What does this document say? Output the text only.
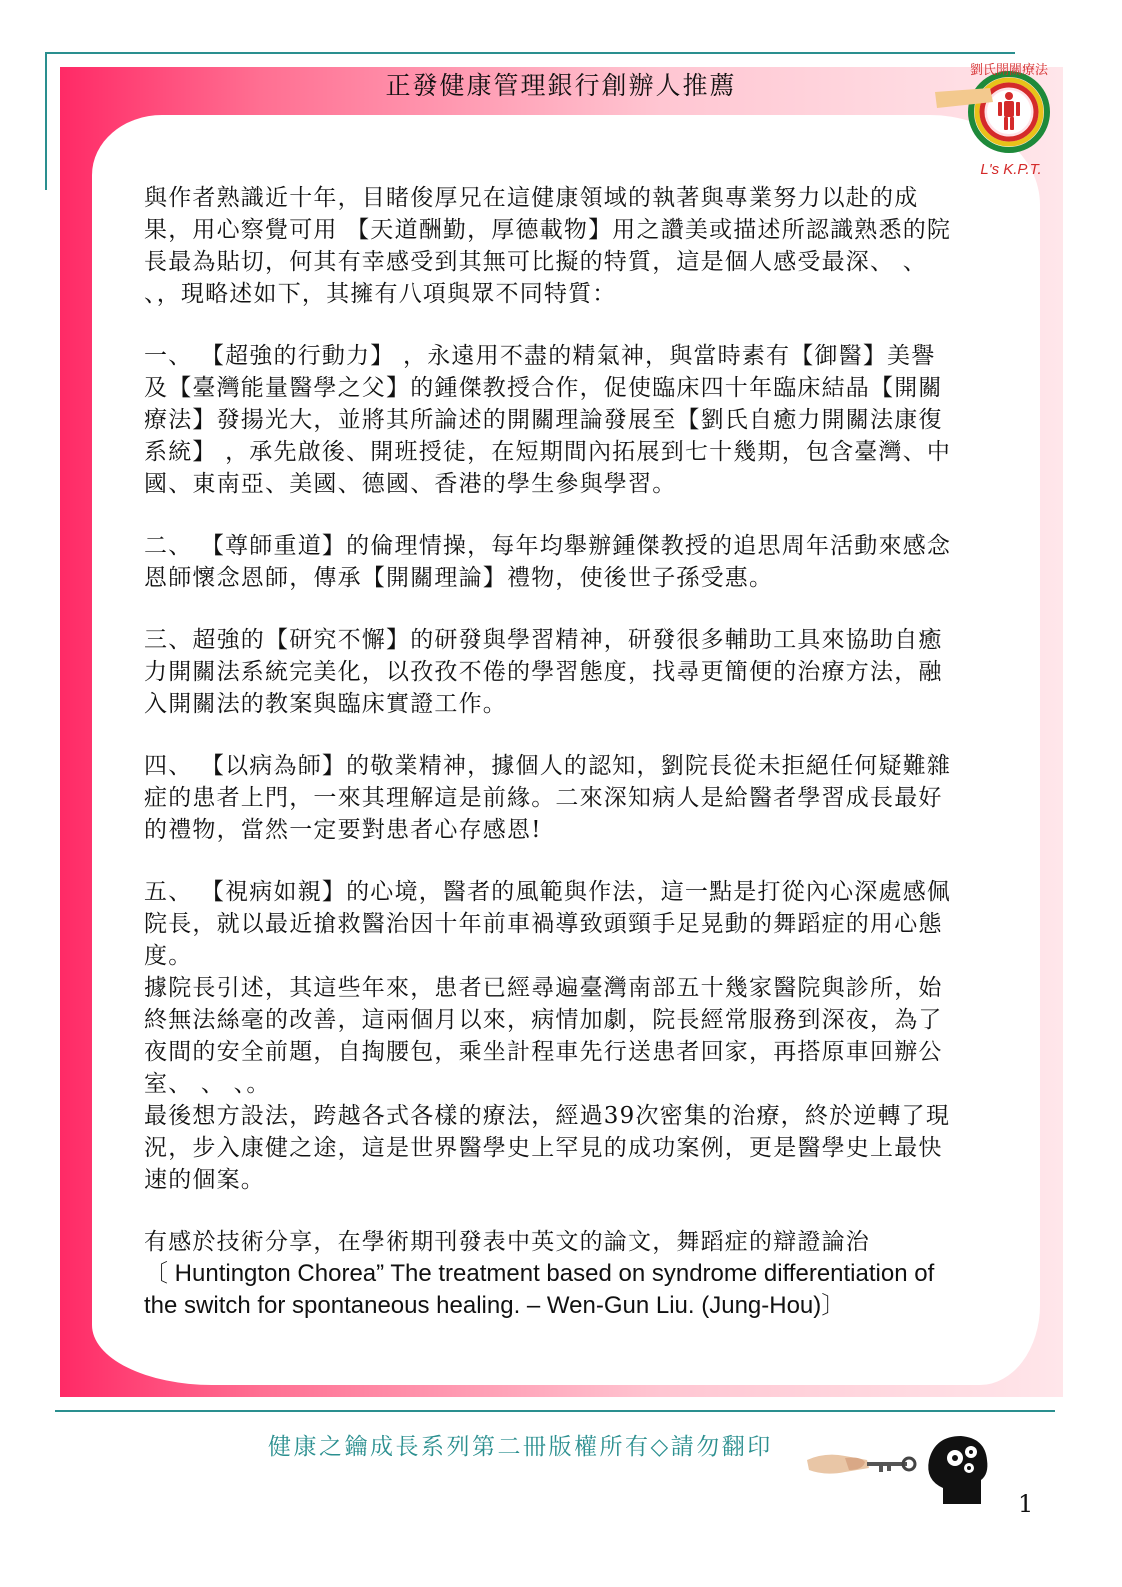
正發健康管理銀行創辦人推薦
劉氏開關療法
L's K.P.T.

與作者熟識近十年，目睹俊厚兄在這健康領域的執著與專業努力以赴的成果，用心察覺可用 【天道酬勤，厚德載物】用之讚美或描述所認識熟悉的院長最為貼切，何其有幸感受到其無可比擬的特質，這是個人感受最深、 、 、，現略述如下，其擁有八項與眾不同特質：

一、 【超強的行動力】 ，永遠用不盡的精氣神，與當時素有【御醫】美譽及【臺灣能量醫學之父】的鍾傑教授合作，促使臨床四十年臨床結晶【開關療法】發揚光大，並將其所論述的開關理論發展至【劉氏自癒力開關法康復系統】 ，承先啟後、開班授徒，在短期間內拓展到七十幾期，包含臺灣、中國、東南亞、美國、德國、香港的學生參與學習。

二、 【尊師重道】的倫理情操，每年均舉辦鍾傑教授的追思周年活動來感念恩師懷念恩師，傳承【開關理論】禮物，使後世子孫受惠。

三、超強的【研究不懈】的研發與學習精神，研發很多輔助工具來協助自癒力開關法系統完美化，以孜孜不倦的學習態度，找尋更簡便的治療方法，融入開關法的教案與臨床實證工作。

四、 【以病為師】的敬業精神，據個人的認知，劉院長從未拒絕任何疑難雜症的患者上門，一來其理解這是前緣。二來深知病人是給醫者學習成長最好的禮物，當然一定要對患者心存感恩!

五、 【視病如親】的心境，醫者的風範與作法，這一點是打從內心深處感佩院長，就以最近搶救醫治因十年前車禍導致頭頸手足晃動的舞蹈症的用心態度。

據院長引述，其這些年來，患者已經尋遍臺灣南部五十幾家醫院與診所，始終無法絲毫的改善，這兩個月以來，病情加劇，院長經常服務到深夜，為了夜間的安全前題，自掏腰包，乘坐計程車先行送患者回家，再搭原車回辦公室、 、 、。

最後想方設法，跨越各式各樣的療法，經過39次密集的治療，終於逆轉了現況，步入康健之途，這是世界醫學史上罕見的成功案例，更是醫學史上最快速的個案。

有感於技術分享，在學術期刊發表中英文的論文，舞蹈症的辯證論治

〔 Huntington Chorea” The treatment based on syndrome differentiation of the switch for spontaneous healing. – Wen-Gun Liu. (Jung-Hou)〕

健康之鑰成長系列第二冊版權所有◇請勿翻印
1
